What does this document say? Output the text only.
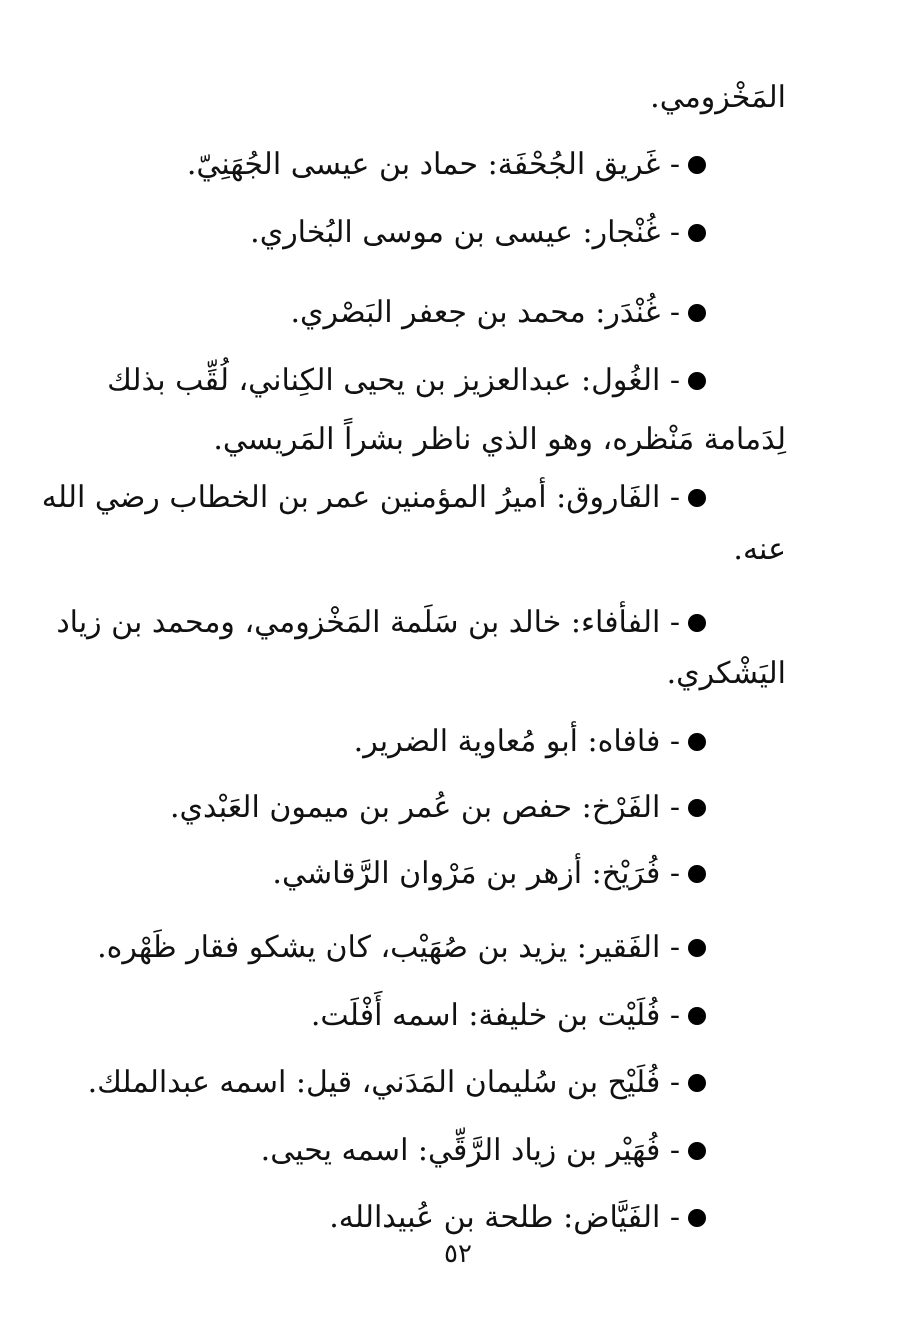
المَخْزومي.
- غَريق الجُحْفَة: حماد بن عيسى الجُهَنِيّ.
- غُنْجار: عيسى بن موسى البُخاري.
- غُنْدَر: محمد بن جعفر البَصْري.
- الغُول: عبدالعزيز بن يحيى الكِناني، لُقِّب بذلك
لِدَمامة مَنْظره، وهو الذي ناظر بشراً المَريسي.
- الفَاروق: أميرُ المؤمنين عمر بن الخطاب رضي الله
عنه.
- الفأفاء: خالد بن سَلَمة المَخْزومي، ومحمد بن زياد
اليَشْكري.
- فافاه: أبو مُعاوية الضرير.
- الفَرْخ: حفص بن عُمر بن ميمون العَبْدي.
- فُرَيْخ: أزهر بن مَرْوان الرَّقاشي.
- الفَقير: يزيد بن صُهَيْب، كان يشكو فقار ظَهْره.
- فُلَيْت بن خليفة: اسمه أَفْلَت.
- فُلَيْح بن سُليمان المَدَني، قيل: اسمه عبدالملك.
- فُهَيْر بن زياد الرَّقِّي: اسمه يحيى.
- الفَيَّاض: طلحة بن عُبيدالله.
٥٢
